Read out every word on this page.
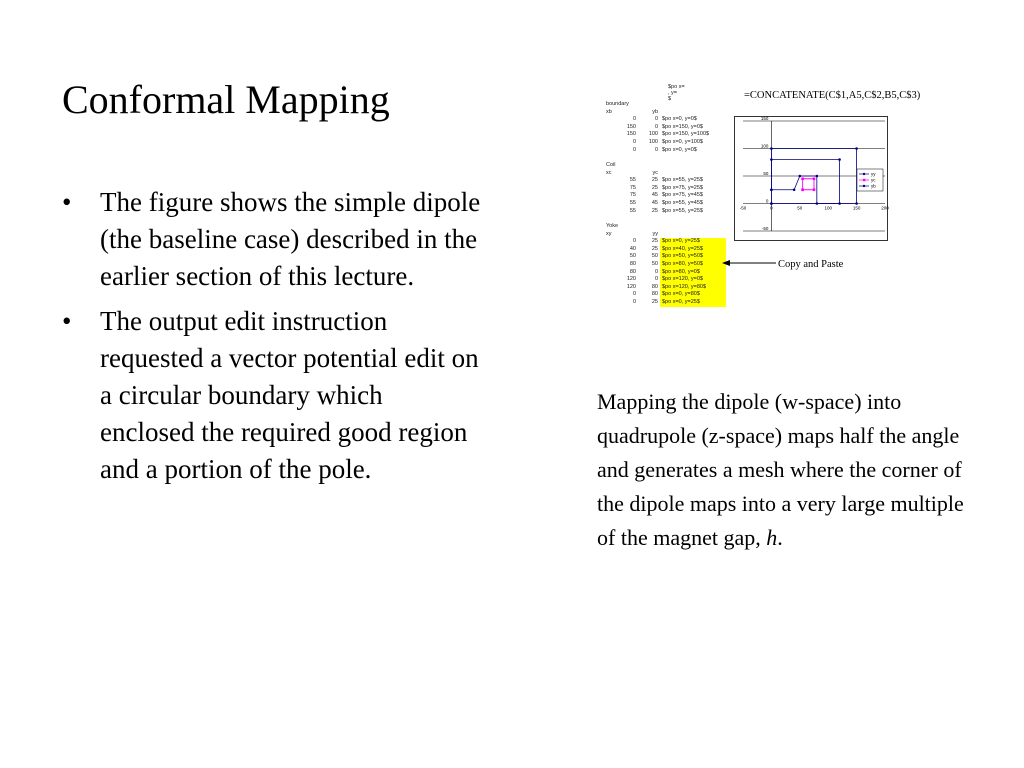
Conformal Mapping
• The figure shows the simple dipole (the baseline case) described in the earlier section of this lecture.
• The output edit instruction requested a vector potential edit on a circular boundary which enclosed the required good region and a portion of the pole.
$po x=
, y=
$
boundary
xb	yb
0	0 $po x=0, y=0$
150	0 $po x=150, y=0$
150	100 $po x=150, y=100$
0	100 $po x=0, y=100$
0	0 $po x=0, y=0$
Coil
xc	yc
55	25 $po x=55, y=25$
75	25 $po x=75, y=25$
75	45 $po x=75, y=45$
55	45 $po x=55, y=45$
55	25 $po x=55, y=25$
Yoke
xy	yy
0	25 $po x=0, y=25$
40	25 $po x=40, y=25$
50	50 $po x=50, y=50$
80	50 $po x=80, y=50$
80	0 $po x=80, y=0$
120	0 $po x=120, y=0$
120	80 $po x=120, y=80$
0	80 $po x=0, y=80$
0	25 $po x=0, y=25$
=CONCATENATE(C$1,A5,C$2,B5,C$3)
Copy and Paste
150
100
50
0
-50
-50	0	50	100	150	200
yy
yc
yb
Mapping the dipole (w-space) into quadrupole (z-space) maps half the angle and generates a mesh where the corner of the dipole maps into a very large multiple of the magnet gap, h.
